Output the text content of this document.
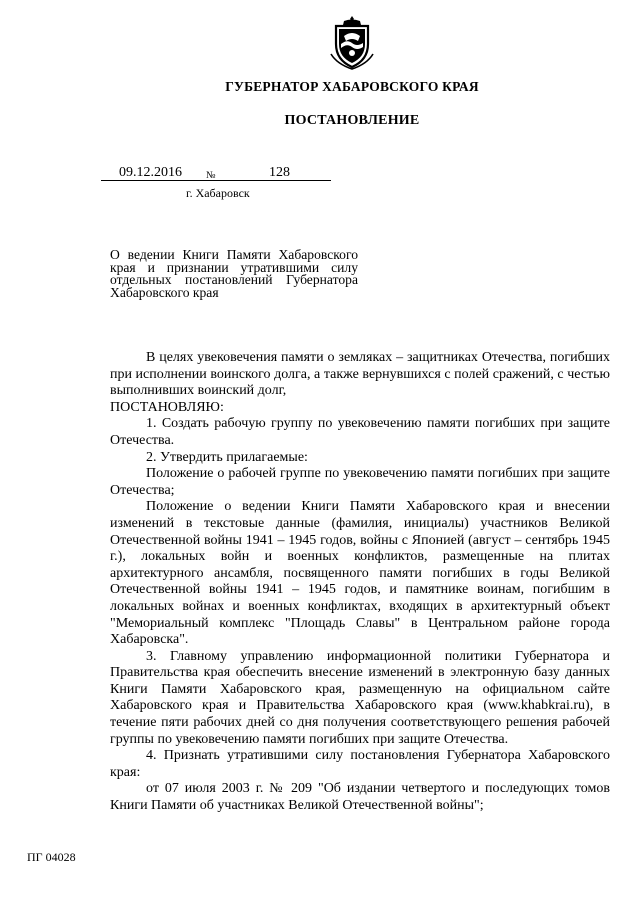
ГУБЕРНАТОР ХАБАРОВСКОГО КРАЯ
ПОСТАНОВЛЕНИЕ
09.12.2016 №	128
г. Хабаровск
О ведении Книги Памяти Хабаровского края и признании утратившими силу отдельных постановлений Губернатора Хабаровского края

В целях увековечения памяти о земляках – защитниках Отечества, погибших при исполнении воинского долга, а также вернувшихся с полей сражений, с честью выполнивших воинский долг,

ПОСТАНОВЛЯЮ:

1. Создать рабочую группу по увековечению памяти погибших при защите Отечества.

2. Утвердить прилагаемые:

Положение о рабочей группе по увековечению памяти погибших при защите Отечества;

Положение о ведении Книги Памяти Хабаровского края и внесении изменений в текстовые данные (фамилия, инициалы) участников Великой Отечественной войны 1941 – 1945 годов, войны с Японией (август – сентябрь 1945 г.), локальных войн и военных конфликтов, размещенные на плитах архитектурного ансамбля, посвященного памяти погибших в годы Великой Отечественной войны 1941 – 1945 годов, и памятнике воинам, погибшим в локальных войнах и военных конфликтах, входящих в архитектурный объект "Мемориальный комплекс "Площадь Славы" в Центральном районе города Хабаровска".

3. Главному управлению информационной политики Губернатора и Правительства края обеспечить внесение изменений в электронную базу данных Книги Памяти Хабаровского края, размещенную на официальном сайте Хабаровского края и Правительства Хабаровского края (www.khabkrai.ru), в течение пяти рабочих дней со дня получения соответствующего решения рабочей группы по увековечению памяти погибших при защите Отечества.

4. Признать утратившими силу постановления Губернатора Хабаровского края:

от 07 июля 2003 г. № 209 "Об издании четвертого и последующих томов Книги Памяти об участниках Великой Отечественной войны";

ПГ 04028
